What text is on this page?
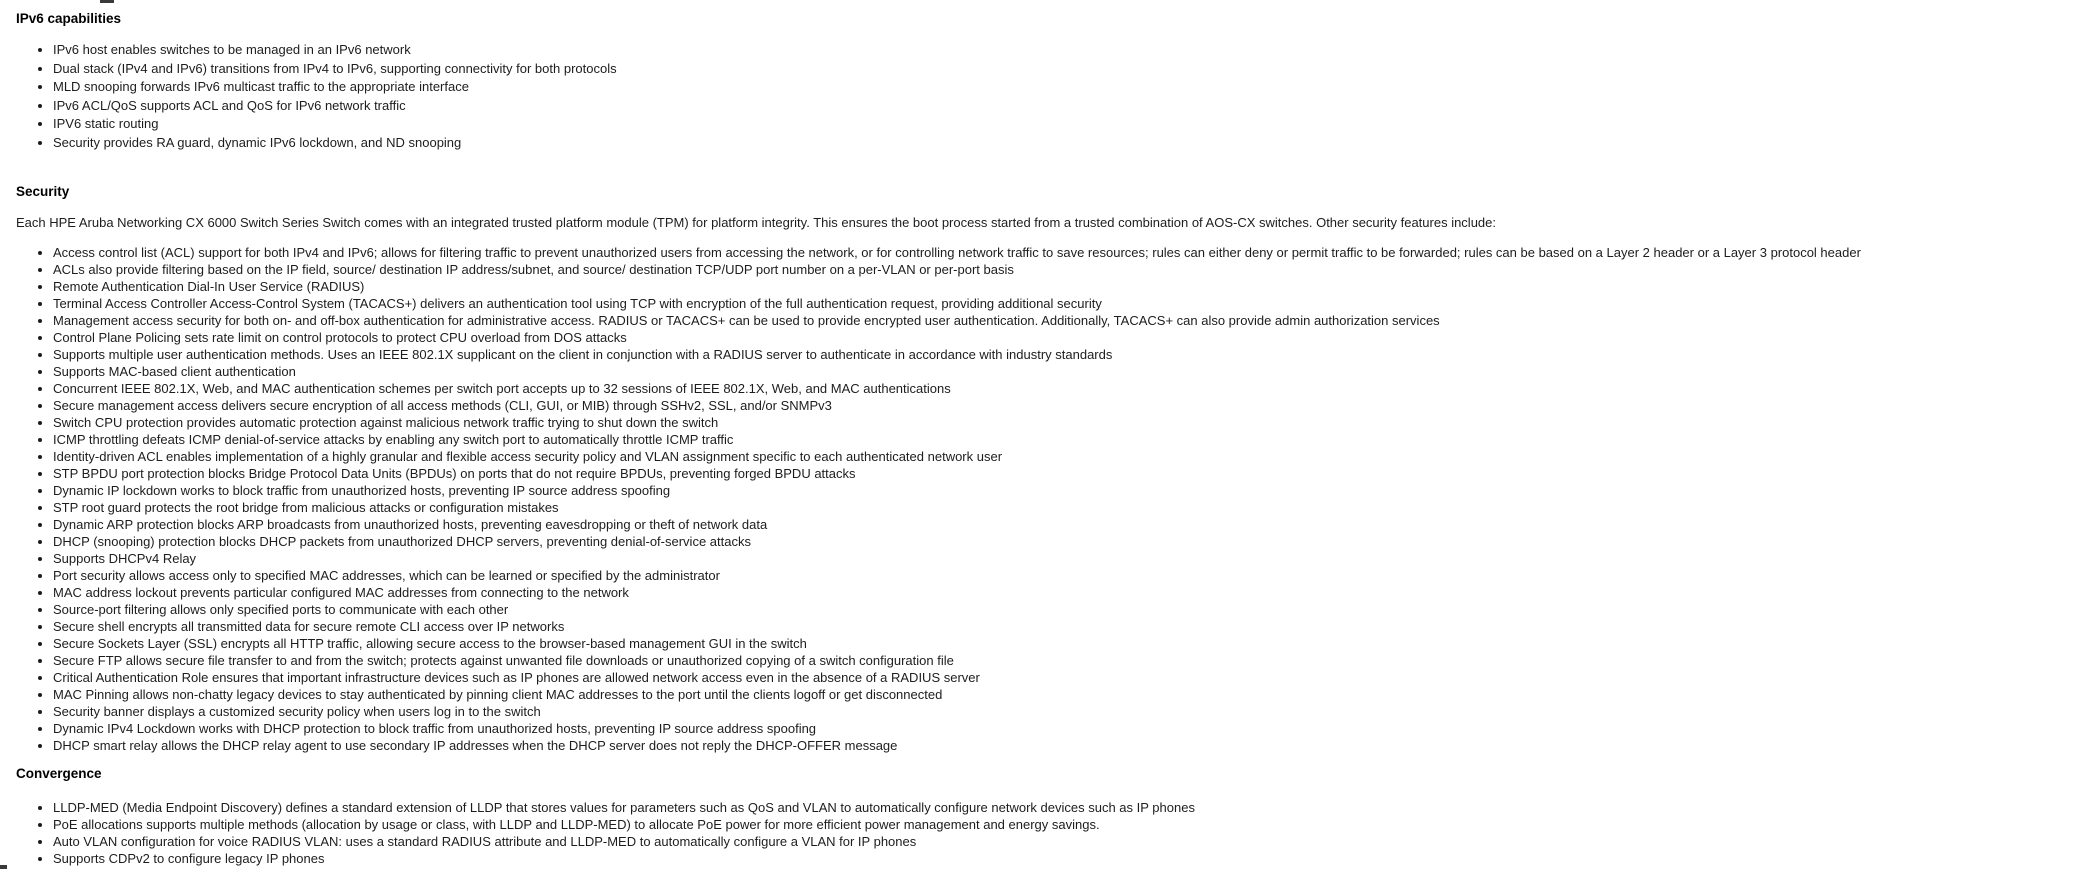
IPv6 capabilities
• IPv6 host enables switches to be managed in an IPv6 network
• Dual stack (IPv4 and IPv6) transitions from IPv4 to IPv6, supporting connectivity for both protocols
• MLD snooping forwards IPv6 multicast traffic to the appropriate interface
• IPv6 ACL/QoS supports ACL and QoS for IPv6 network traffic
• IPV6 static routing
• Security provides RA guard, dynamic IPv6 lockdown, and ND snooping
Security

Each HPE Aruba Networking CX 6000 Switch Series Switch comes with an integrated trusted platform module (TPM) for platform integrity. This ensures the boot process started from a trusted combination of AOS-CX switches. Other security features include:

• Access control list (ACL) support for both IPv4 and IPv6; allows for filtering traffic to prevent unauthorized users from accessing the network, or for controlling network traffic to save resources; rules can either deny or permit traffic to be forwarded; rules can be based on a Layer 2 header or a Layer 3 protocol header
• ACLs also provide filtering based on the IP field, source/ destination IP address/subnet, and source/ destination TCP/UDP port number on a per-VLAN or per-port basis
• Remote Authentication Dial-In User Service (RADIUS)
• Terminal Access Controller Access-Control System (TACACS+) delivers an authentication tool using TCP with encryption of the full authentication request, providing additional security
• Management access security for both on- and off-box authentication for administrative access. RADIUS or TACACS+ can be used to provide encrypted user authentication. Additionally, TACACS+ can also provide admin authorization services
• Control Plane Policing sets rate limit on control protocols to protect CPU overload from DOS attacks
• Supports multiple user authentication methods. Uses an IEEE 802.1X supplicant on the client in conjunction with a RADIUS server to authenticate in accordance with industry standards
• Supports MAC-based client authentication
• Concurrent IEEE 802.1X, Web, and MAC authentication schemes per switch port accepts up to 32 sessions of IEEE 802.1X, Web, and MAC authentications
• Secure management access delivers secure encryption of all access methods (CLI, GUI, or MIB) through SSHv2, SSL, and/or SNMPv3
• Switch CPU protection provides automatic protection against malicious network traffic trying to shut down the switch
• ICMP throttling defeats ICMP denial-of-service attacks by enabling any switch port to automatically throttle ICMP traffic
• Identity-driven ACL enables implementation of a highly granular and flexible access security policy and VLAN assignment specific to each authenticated network user
• STP BPDU port protection blocks Bridge Protocol Data Units (BPDUs) on ports that do not require BPDUs, preventing forged BPDU attacks
• Dynamic IP lockdown works to block traffic from unauthorized hosts, preventing IP source address spoofing
• STP root guard protects the root bridge from malicious attacks or configuration mistakes
• Dynamic ARP protection blocks ARP broadcasts from unauthorized hosts, preventing eavesdropping or theft of network data
• DHCP (snooping) protection blocks DHCP packets from unauthorized DHCP servers, preventing denial-of-service attacks
• Supports DHCPv4 Relay
• Port security allows access only to specified MAC addresses, which can be learned or specified by the administrator
• MAC address lockout prevents particular configured MAC addresses from connecting to the network
• Source-port filtering allows only specified ports to communicate with each other
• Secure shell encrypts all transmitted data for secure remote CLI access over IP networks
• Secure Sockets Layer (SSL) encrypts all HTTP traffic, allowing secure access to the browser-based management GUI in the switch
• Secure FTP allows secure file transfer to and from the switch; protects against unwanted file downloads or unauthorized copying of a switch configuration file
• Critical Authentication Role ensures that important infrastructure devices such as IP phones are allowed network access even in the absence of a RADIUS server
• MAC Pinning allows non-chatty legacy devices to stay authenticated by pinning client MAC addresses to the port until the clients logoff or get disconnected
• Security banner displays a customized security policy when users log in to the switch
• Dynamic IPv4 Lockdown works with DHCP protection to block traffic from unauthorized hosts, preventing IP source address spoofing
• DHCP smart relay allows the DHCP relay agent to use secondary IP addresses when the DHCP server does not reply the DHCP-OFFER message
Convergence
• LLDP-MED (Media Endpoint Discovery) defines a standard extension of LLDP that stores values for parameters such as QoS and VLAN to automatically configure network devices such as IP phones
• PoE allocations supports multiple methods (allocation by usage or class, with LLDP and LLDP-MED) to allocate PoE power for more efficient power management and energy savings.
• Auto VLAN configuration for voice RADIUS VLAN: uses a standard RADIUS attribute and LLDP-MED to automatically configure a VLAN for IP phones
• Supports CDPv2 to configure legacy IP phones
